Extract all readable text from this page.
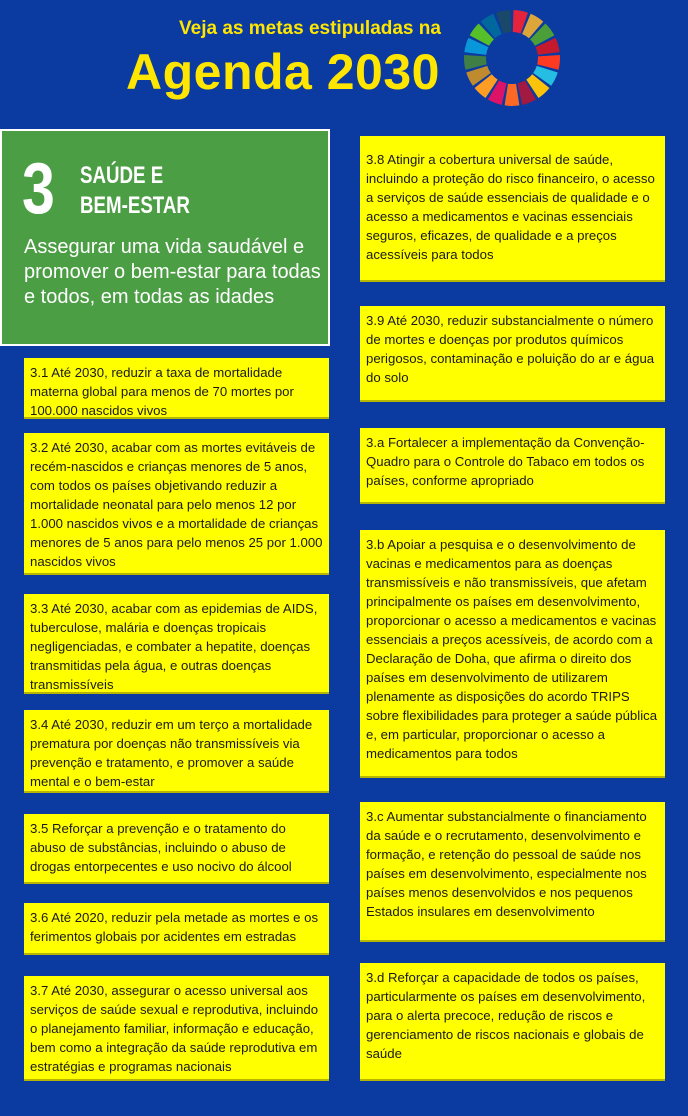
Veja as metas estipuladas na
Agenda 2030
3 SAÚDE E
BEM-ESTAR
Assegurar uma vida saudável e promover o bem-estar para todas e todos, em todas as idades
3.1 Até 2030, reduzir a taxa de mortalidade materna global para menos de 70 mortes por 100.000 nascidos vivos
3.2 Até 2030, acabar com as mortes evitáveis de recém-nascidos e crianças menores de 5 anos, com todos os países objetivando reduzir a mortalidade neonatal para pelo menos 12 por 1.000 nascidos vivos e a mortalidade de crianças menores de 5 anos para pelo menos 25 por 1.000 nascidos vivos
3.3 Até 2030, acabar com as epidemias de AIDS, tuberculose, malária e doenças tropicais negligenciadas, e combater a hepatite, doenças transmitidas pela água, e outras doenças transmissíveis
3.4 Até 2030, reduzir em um terço a mortalidade prematura por doenças não transmissíveis via prevenção e tratamento, e promover a saúde mental e o bem-estar
3.5 Reforçar a prevenção e o tratamento do abuso de substâncias, incluindo o abuso de drogas entorpecentes e uso nocivo do álcool
3.6 Até 2020, reduzir pela metade as mortes e os ferimentos globais por acidentes em estradas
3.7 Até 2030, assegurar o acesso universal aos serviços de saúde sexual e reprodutiva, incluindo o planejamento familiar, informação e educação, bem como a integração da saúde reprodutiva em estratégias e programas nacionais
3.8 Atingir a cobertura universal de saúde, incluindo a proteção do risco financeiro, o acesso a serviços de saúde essenciais de qualidade e o acesso a medicamentos e vacinas essenciais seguros, eficazes, de qualidade e a preços acessíveis para todos
3.9 Até 2030, reduzir substancialmente o número de mortes e doenças por produtos químicos perigosos, contaminação e poluição do ar e água do solo
3.a Fortalecer a implementação da Convenção-Quadro para o Controle do Tabaco em todos os países, conforme apropriado
3.b Apoiar a pesquisa e o desenvolvimento de vacinas e medicamentos para as doenças transmissíveis e não transmissíveis, que afetam principalmente os países em desenvolvimento, proporcionar o acesso a medicamentos e vacinas essenciais a preços acessíveis, de acordo com a Declaração de Doha, que afirma o direito dos países em desenvolvimento de utilizarem plenamente as disposições do acordo TRIPS sobre flexibilidades para proteger a saúde pública e, em particular, proporcionar o acesso a medicamentos para todos
3.c Aumentar substancialmente o financiamento da saúde e o recrutamento, desenvolvimento e formação, e retenção do pessoal de saúde nos países em desenvolvimento, especialmente nos países menos desenvolvidos e nos pequenos Estados insulares em desenvolvimento
3.d Reforçar a capacidade de todos os países, particularmente os países em desenvolvimento, para o alerta precoce, redução de riscos e gerenciamento de riscos nacionais e globais de saúde
